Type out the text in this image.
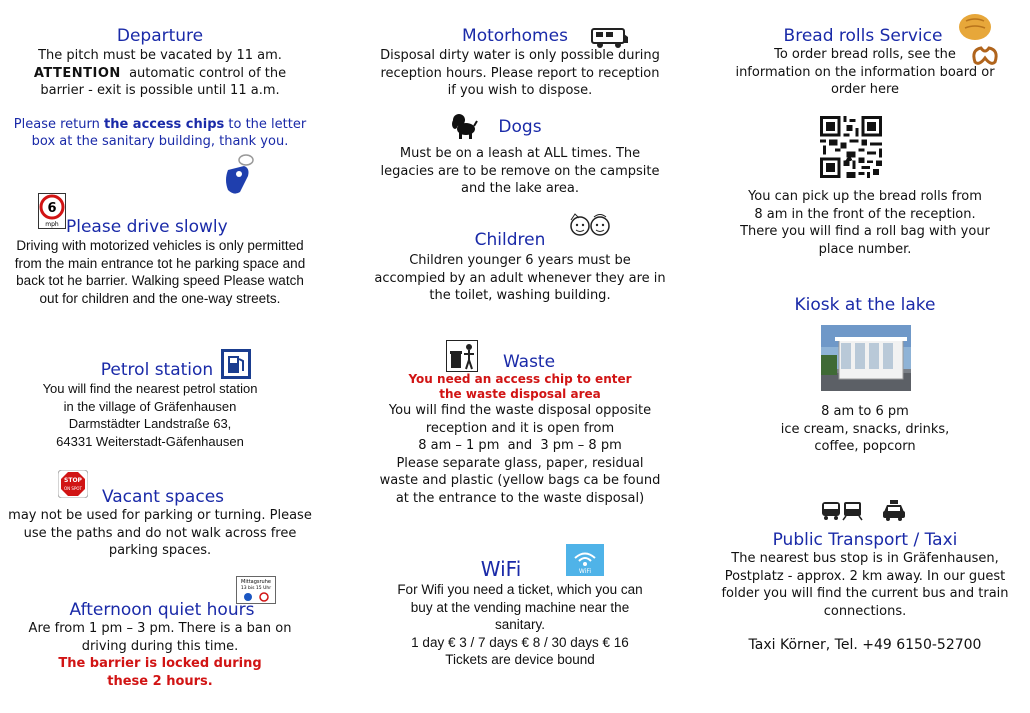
Departure

The pitch must be vacated by 11 am.

ATTENTION automatic control of the

barrier - exit is possible until 11 a.m.

Please return the access chips to the letter box at the sanitary building, thank you.

6
mph Please drive slowly

Driving with motorized vehicles is only permitted from the main entrance tot he parking space and back tot he barrier. Walking speed Please watch out for children and the one-way streets.

Petrol station

You will find the nearest petrol station

in the village of Gräfenhausen

Darmstädter Landstraße 63,

64331 Weiterstadt-Gäfenhausen

STOP
ON SPOT	Vacant spaces

may not be used for parking or turning. Please use the paths and do not walk across free parking spaces.

Mittagsruhe
13 bis 15 Uhr
Afternoon quiet hours

Are from 1 pm – 3 pm. There is a ban on driving during this time.

The barrier is locked during these 2 hours.

Motorhomes

Disposal dirty water is only possible during reception hours. Please report to reception if you wish to dispose.

Dogs

Must be on a leash at ALL times. The legacies are to be remove on the campsite and the lake area.

Children

Children younger 6 years must be accompied by an adult whenever they are in the toilet, washing building.

Waste

You need an access chip to enter

the waste disposal area

You will find the waste disposal opposite

reception and it is open from

8 am – 1 pm  and  3 pm – 8 pm

Please separate glass, paper, residual

waste and plastic (yellow bags ca be found

at the entrance to the waste disposal)

WiFi
WiFi

For Wifi you need a ticket, which you can

buy at the vending machine near the

sanitary.

1 day € 3 / 7 days € 8 / 30 days € 16

Tickets are device bound

Bread rolls Service

To order bread rolls, see the

information on the information board or

order here

You can pick up the bread rolls from

8 am in the front of the reception.

There you will find a roll bag with your

place number.

Kiosk at the lake

8 am to 6 pm

ice cream, snacks, drinks,

coffee, popcorn

Public Transport / Taxi

The nearest bus stop is in Gräfenhausen, Postplatz - approx. 2 km away. In our guest folder you will find the current bus and train connections.

Taxi Körner, Tel. +49 6150-52700
